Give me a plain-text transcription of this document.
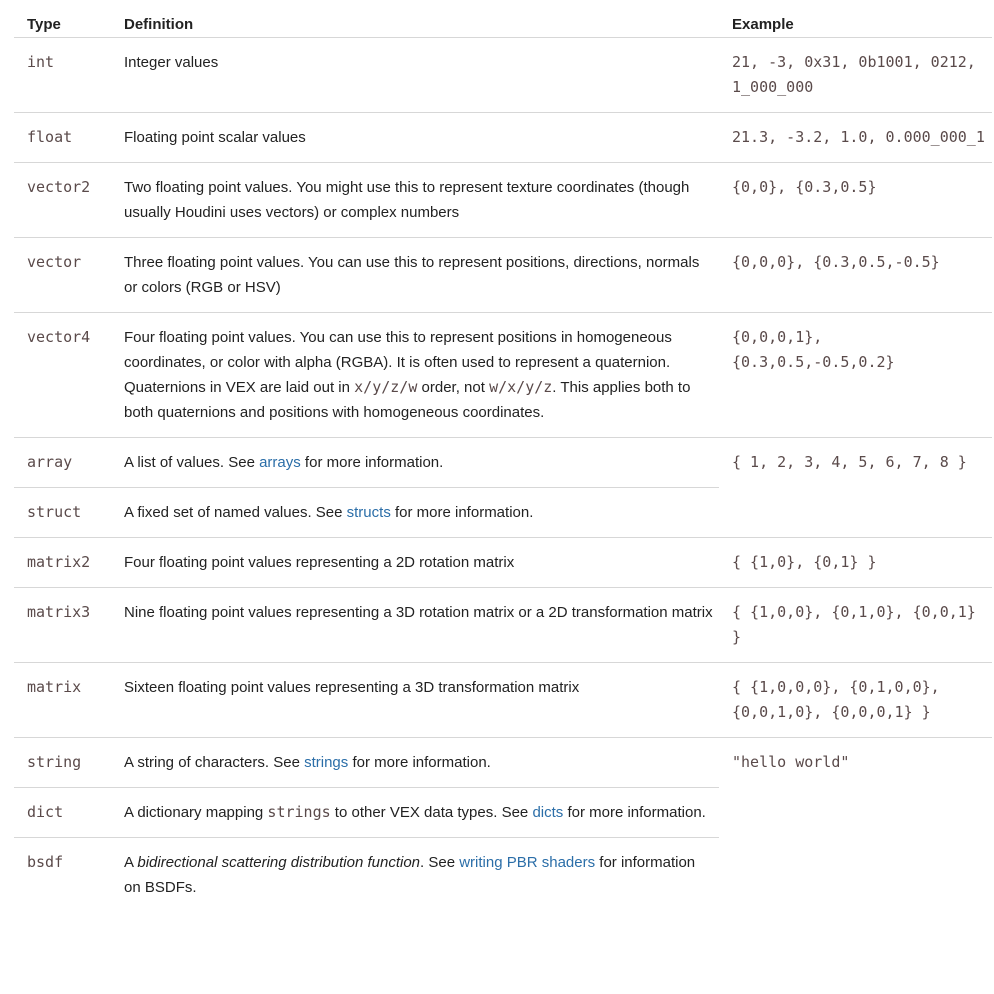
Type	Definition	Example
int	Integer values	21, -3, 0x31, 0b1001, 0212, 1_000_000
float	Floating point scalar values	21.3, -3.2, 1.0, 0.000_000_1
vector2	Two floating point values. You might use this to represent texture coordinates (though usually Houdini uses vectors) or complex numbers	{0,0}, {0.3,0.5}
vector	Three floating point values. You can use this to represent positions, directions, normals or colors (RGB or HSV)	{0,0,0}, {0.3,0.5,-0.5}
vector4	Four floating point values. You can use this to represent positions in homogeneous coordinates, or color with alpha (RGBA). It is often used to represent a quaternion. Quaternions in VEX are laid out in x/y/z/w order, not w/x/y/z. This applies both to both quaternions and positions with homogeneous coordinates.	{0,0,0,1}, {0.3,0.5,-0.5,0.2}
array	A list of values. See arrays for more information.	{ 1, 2, 3, 4, 5, 6, 7, 8 }
struct	A fixed set of named values. See structs for more information.	
matrix2	Four floating point values representing a 2D rotation matrix	{ {1,0}, {0,1} }
matrix3	Nine floating point values representing a 3D rotation matrix or a 2D transformation matrix	{ {1,0,0}, {0,1,0}, {0,0,1} }
matrix	Sixteen floating point values representing a 3D transformation matrix	{ {1,0,0,0}, {0,1,0,0}, {0,0,1,0}, {0,0,0,1} }
string	A string of characters. See strings for more information.	"hello world"
dict	A dictionary mapping strings to other VEX data types. See dicts for more information.	
bsdf	A bidirectional scattering distribution function. See writing PBR shaders for information on BSDFs.	
